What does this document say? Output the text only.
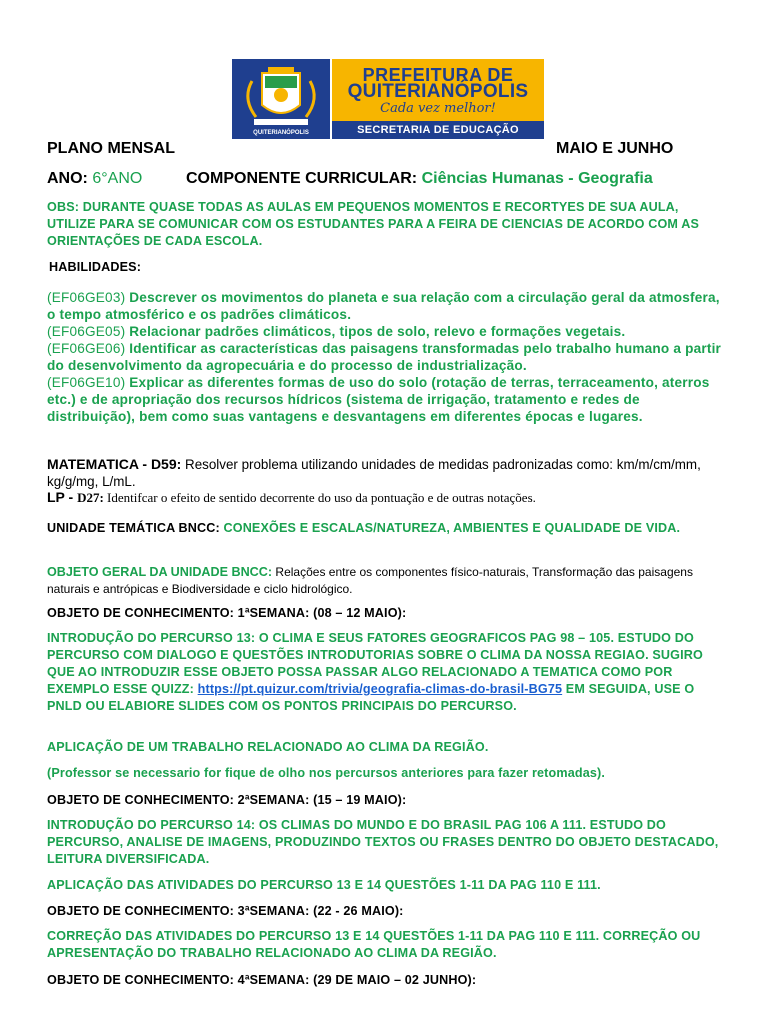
QUITERIANÓPOLIS
PREFEITURA DE
QUITERIANÓPOLIS
Cada vez melhor!
SECRETARIA DE EDUCAÇÃO
PLANO MENSAL	MAIO E JUNHO
ANO: 6°ANO	COMPONENTE CURRICULAR: Ciências Humanas - Geografia

OBS: DURANTE QUASE TODAS AS AULAS EM PEQUENOS MOMENTOS E RECORTYES DE SUA AULA, UTILIZE PARA SE COMUNICAR COM OS ESTUDANTES PARA A FEIRA DE CIENCIAS DE ACORDO COM AS ORIENTAÇÕES DE CADA ESCOLA.

HABILIDADES:

(EF06GE03) Descrever os movimentos do planeta e sua relação com a circulação geral da atmosfera, o tempo atmosférico e os padrões climáticos.
(EF06GE05) Relacionar padrões climáticos, tipos de solo, relevo e formações vegetais.
(EF06GE06) Identificar as características das paisagens transformadas pelo trabalho humano a partir do desenvolvimento da agropecuária e do processo de industrialização.
(EF06GE10) Explicar as diferentes formas de uso do solo (rotação de terras, terraceamento, aterros etc.) e de apropriação dos recursos hídricos (sistema de irrigação, tratamento e redes de distribuição), bem como suas vantagens e desvantagens em diferentes épocas e lugares.

MATEMATICA - D59: Resolver problema utilizando unidades de medidas padronizadas como: km/m/cm/mm, kg/g/mg, L/mL.

LP - D27: Identifcar o efeito de sentido decorrente do uso da pontuação e de outras notações.

UNIDADE TEMÁTICA BNCC: CONEXÕES E ESCALAS/NATUREZA, AMBIENTES E QUALIDADE DE VIDA.

OBJETO GERAL DA UNIDADE BNCC: Relações entre os componentes físico-naturais, Transformação das paisagens naturais e antrópicas e Biodiversidade e ciclo hidrológico.

OBJETO DE CONHECIMENTO: 1ªSEMANA: (08 – 12 MAIO):

INTRODUÇÃO DO PERCURSO 13: O CLIMA E SEUS FATORES GEOGRAFICOS PAG 98 – 105. ESTUDO DO PERCURSO COM DIALOGO E QUESTÕES INTRODUTORIAS SOBRE O CLIMA DA NOSSA REGIAO. SUGIRO QUE AO INTRODUZIR ESSE OBJETO POSSA PASSAR ALGO RELACIONADO A TEMATICA COMO POR EXEMPLO ESSE QUIZZ: https://pt.quizur.com/trivia/geografia-climas-do-brasil-BG75 EM SEGUIDA, USE O PNLD OU ELABIORE SLIDES COM OS PONTOS PRINCIPAIS DO PERCURSO.

APLICAÇÃO DE UM TRABALHO RELACIONADO AO CLIMA DA REGIÃO.

(Professor se necessario for fique de olho nos percursos anteriores para fazer retomadas).

OBJETO DE CONHECIMENTO: 2ªSEMANA: (15 – 19 MAIO):

INTRODUÇÃO DO PERCURSO 14: OS CLIMAS DO MUNDO E DO BRASIL PAG 106 A 111. ESTUDO DO PERCURSO, ANALISE DE IMAGENS, PRODUZINDO TEXTOS OU FRASES DENTRO DO OBJETO DESTACADO, LEITURA DIVERSIFICADA.

APLICAÇÃO DAS ATIVIDADES DO PERCURSO 13 E 14 QUESTÕES 1-11 DA PAG 110 E 111.

OBJETO DE CONHECIMENTO: 3ªSEMANA: (22 - 26 MAIO):

CORREÇÃO DAS ATIVIDADES DO PERCURSO 13 E 14 QUESTÕES 1-11 DA PAG 110 E 111. CORREÇÃO OU APRESENTAÇÃO DO TRABALHO RELACIONADO AO CLIMA DA REGIÃO.

OBJETO DE CONHECIMENTO: 4ªSEMANA: (29 DE MAIO – 02 JUNHO):
